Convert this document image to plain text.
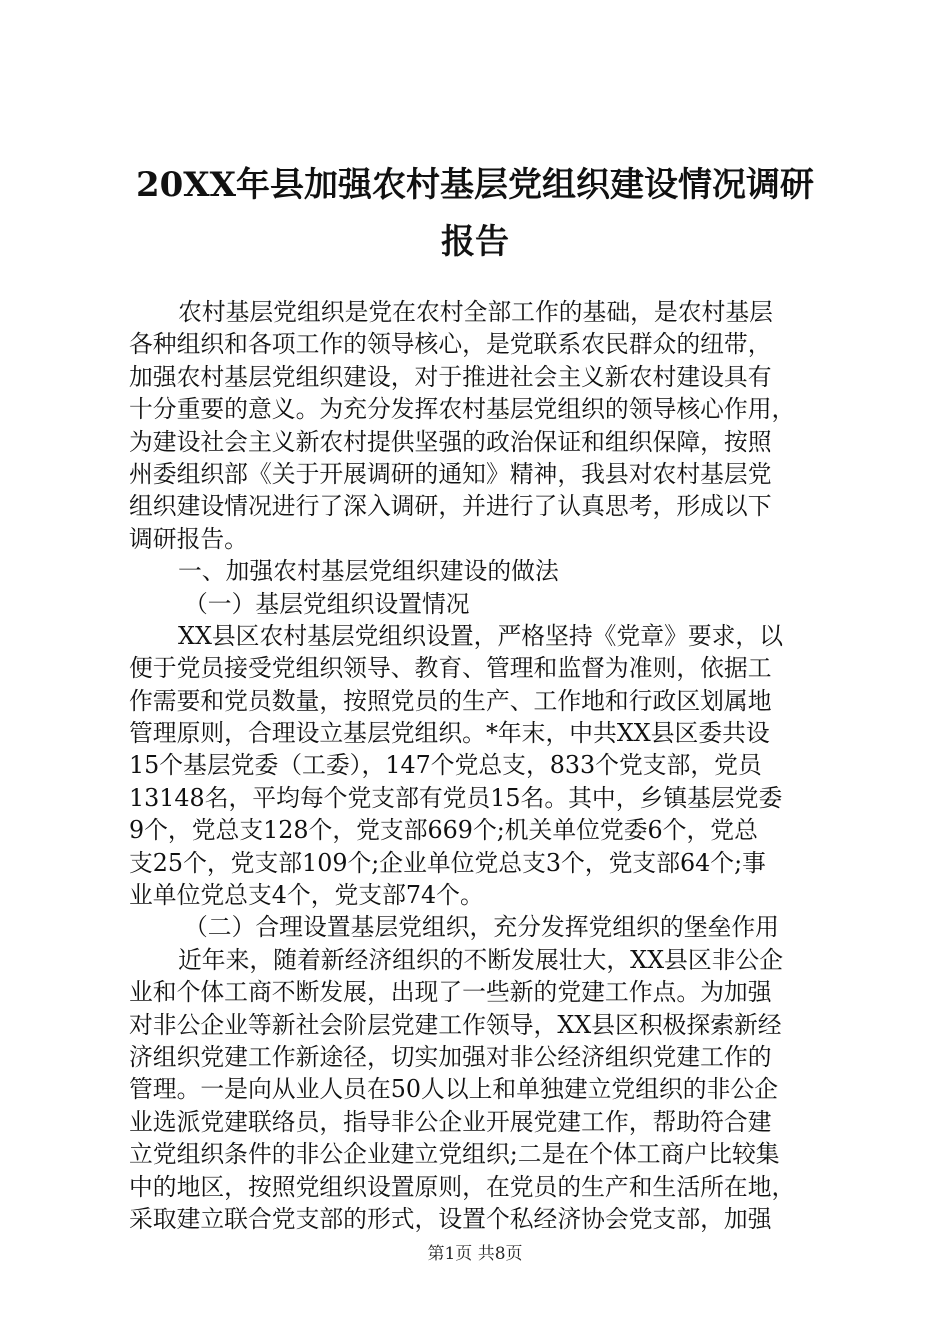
20XX年县加强农村基层党组织建设情况调研
报告
农村基层党组织是党在农村全部工作的基础，是农村基层
各种组织和各项工作的领导核心，是党联系农民群众的纽带，
加强农村基层党组织建设，对于推进社会主义新农村建设具有
十分重要的意义。为充分发挥农村基层党组织的领导核心作用，
为建设社会主义新农村提供坚强的政治保证和组织保障，按照
州委组织部《关于开展调研的通知》精神，我县对农村基层党
组织建设情况进行了深入调研，并进行了认真思考，形成以下
调研报告。
一、加强农村基层党组织建设的做法
（一）基层党组织设置情况
XX县区农村基层党组织设置，严格坚持《党章》要求，以
便于党员接受党组织领导、教育、管理和监督为准则，依据工
作需要和党员数量，按照党员的生产、工作地和行政区划属地
管理原则，合理设立基层党组织。*年末，中共XX县区委共设
15个基层党委（工委），147个党总支，833个党支部，党员
13148名，平均每个党支部有党员15名。其中，乡镇基层党委
9个，党总支128个，党支部669个;机关单位党委6个，党总
支25个，党支部109个;企业单位党总支3个，党支部64个;事
业单位党总支4个，党支部74个。
（二）合理设置基层党组织，充分发挥党组织的堡垒作用
近年来，随着新经济组织的不断发展壮大，XX县区非公企
业和个体工商不断发展，出现了一些新的党建工作点。为加强
对非公企业等新社会阶层党建工作领导，XX县区积极探索新经
济组织党建工作新途径，切实加强对非公经济组织党建工作的
管理。一是向从业人员在50人以上和单独建立党组织的非公企
业选派党建联络员，指导非公企业开展党建工作，帮助符合建
立党组织条件的非公企业建立党组织;二是在个体工商户比较集
中的地区，按照党组织设置原则，在党员的生产和生活所在地，
采取建立联合党支部的形式，设置个私经济协会党支部，加强
第1页 共8页
